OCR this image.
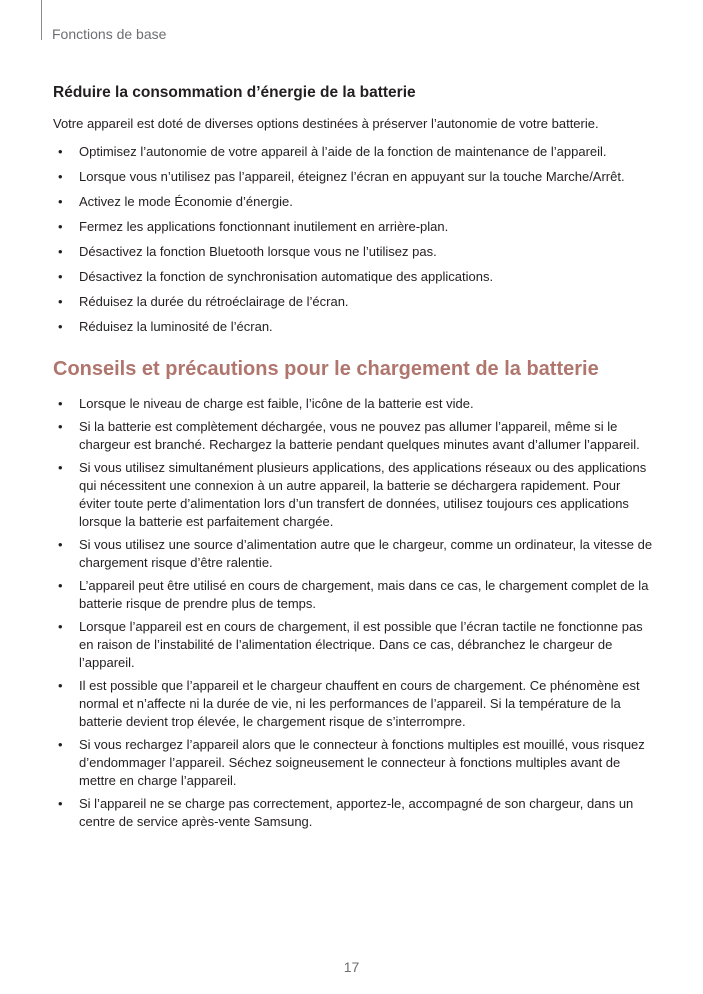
Fonctions de base
Réduire la consommation d’énergie de la batterie
Votre appareil est doté de diverses options destinées à préserver l’autonomie de votre batterie.
• Optimisez l’autonomie de votre appareil à l’aide de la fonction de maintenance de l’appareil.
• Lorsque vous n’utilisez pas l’appareil, éteignez l’écran en appuyant sur la touche Marche/Arrêt.
• Activez le mode Économie d’énergie.
• Fermez les applications fonctionnant inutilement en arrière-plan.
• Désactivez la fonction Bluetooth lorsque vous ne l’utilisez pas.
• Désactivez la fonction de synchronisation automatique des applications.
• Réduisez la durée du rétroéclairage de l’écran.
• Réduisez la luminosité de l’écran.
Conseils et précautions pour le chargement de la batterie
• Lorsque le niveau de charge est faible, l’icône de la batterie est vide.
• Si la batterie est complètement déchargée, vous ne pouvez pas allumer l’appareil, même si le chargeur est branché. Rechargez la batterie pendant quelques minutes avant d’allumer l’appareil.
• Si vous utilisez simultanément plusieurs applications, des applications réseaux ou des applications qui nécessitent une connexion à un autre appareil, la batterie se déchargera rapidement. Pour éviter toute perte d’alimentation lors d’un transfert de données, utilisez toujours ces applications lorsque la batterie est parfaitement chargée.
• Si vous utilisez une source d’alimentation autre que le chargeur, comme un ordinateur, la vitesse de chargement risque d’être ralentie.
• L’appareil peut être utilisé en cours de chargement, mais dans ce cas, le chargement complet de la batterie risque de prendre plus de temps.
• Lorsque l’appareil est en cours de chargement, il est possible que l’écran tactile ne fonctionne pas en raison de l’instabilité de l’alimentation électrique. Dans ce cas, débranchez le chargeur de l’appareil.
• Il est possible que l’appareil et le chargeur chauffent en cours de chargement. Ce phénomène est normal et n’affecte ni la durée de vie, ni les performances de l’appareil. Si la température de la batterie devient trop élevée, le chargement risque de s’interrompre.
• Si vous rechargez l’appareil alors que le connecteur à fonctions multiples est mouillé, vous risquez d’endommager l’appareil. Séchez soigneusement le connecteur à fonctions multiples avant de mettre en charge l’appareil.
• Si l’appareil ne se charge pas correctement, apportez-le, accompagné de son chargeur, dans un centre de service après-vente Samsung.
17
